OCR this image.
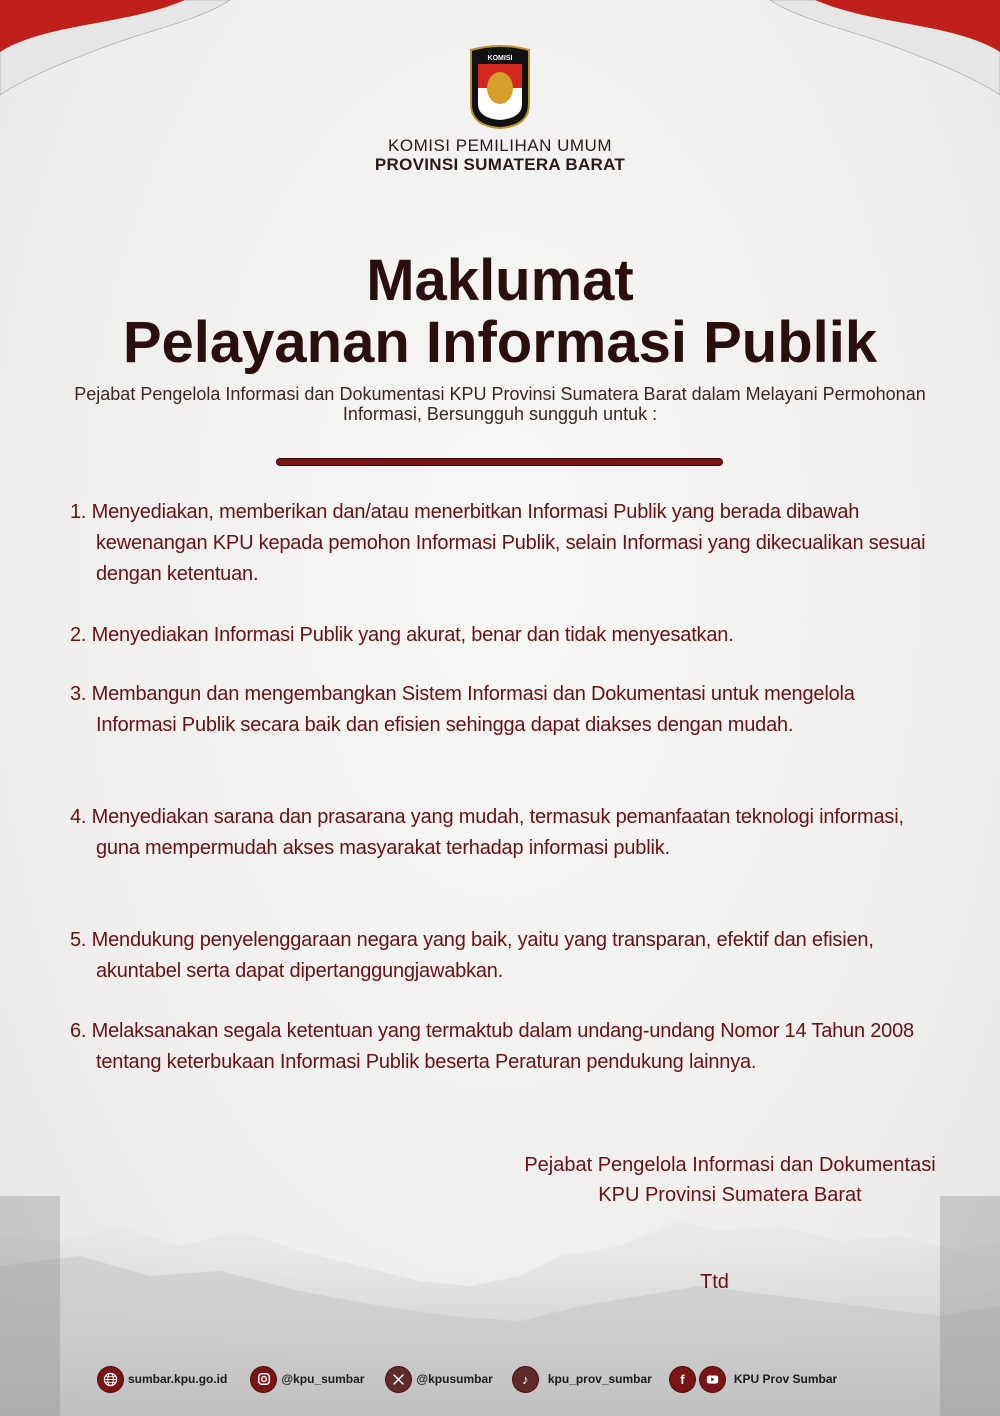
KOMISI
KOMISI PEMILIHAN UMUM
PROVINSI SUMATERA BARAT
Maklumat
Pelayanan Informasi Publik
Pejabat Pengelola Informasi dan Dokumentasi KPU Provinsi Sumatera Barat dalam Melayani Permohonan Informasi, Bersungguh sungguh untuk :
1. Menyediakan, memberikan dan/atau menerbitkan Informasi Publik yang berada dibawah kewenangan KPU kepada pemohon Informasi Publik, selain Informasi yang dikecualikan sesuai dengan ketentuan.
2. Menyediakan Informasi Publik yang akurat, benar dan tidak menyesatkan.
3. Membangun dan mengembangkan Sistem Informasi dan Dokumentasi untuk mengelola Informasi Publik secara baik dan efisien sehingga dapat diakses dengan mudah.
4. Menyediakan sarana dan prasarana yang mudah, termasuk pemanfaatan teknologi informasi, guna mempermudah akses masyarakat terhadap informasi publik.
5. Mendukung penyelenggaraan negara yang baik, yaitu yang transparan, efektif dan efisien, akuntabel serta dapat dipertanggungjawabkan.
6. Melaksanakan segala ketentuan yang termaktub dalam undang-undang Nomor 14 Tahun 2008 tentang keterbukaan Informasi Publik beserta Peraturan pendukung lainnya.
Pejabat Pengelola Informasi dan Dokumentasi
KPU Provinsi Sumatera Barat
Ttd
sumbar.kpu.go.id	@kpu_sumbar	@kpusumbar	♪	kpu_prov_sumbar	f	KPU Prov Sumbar
